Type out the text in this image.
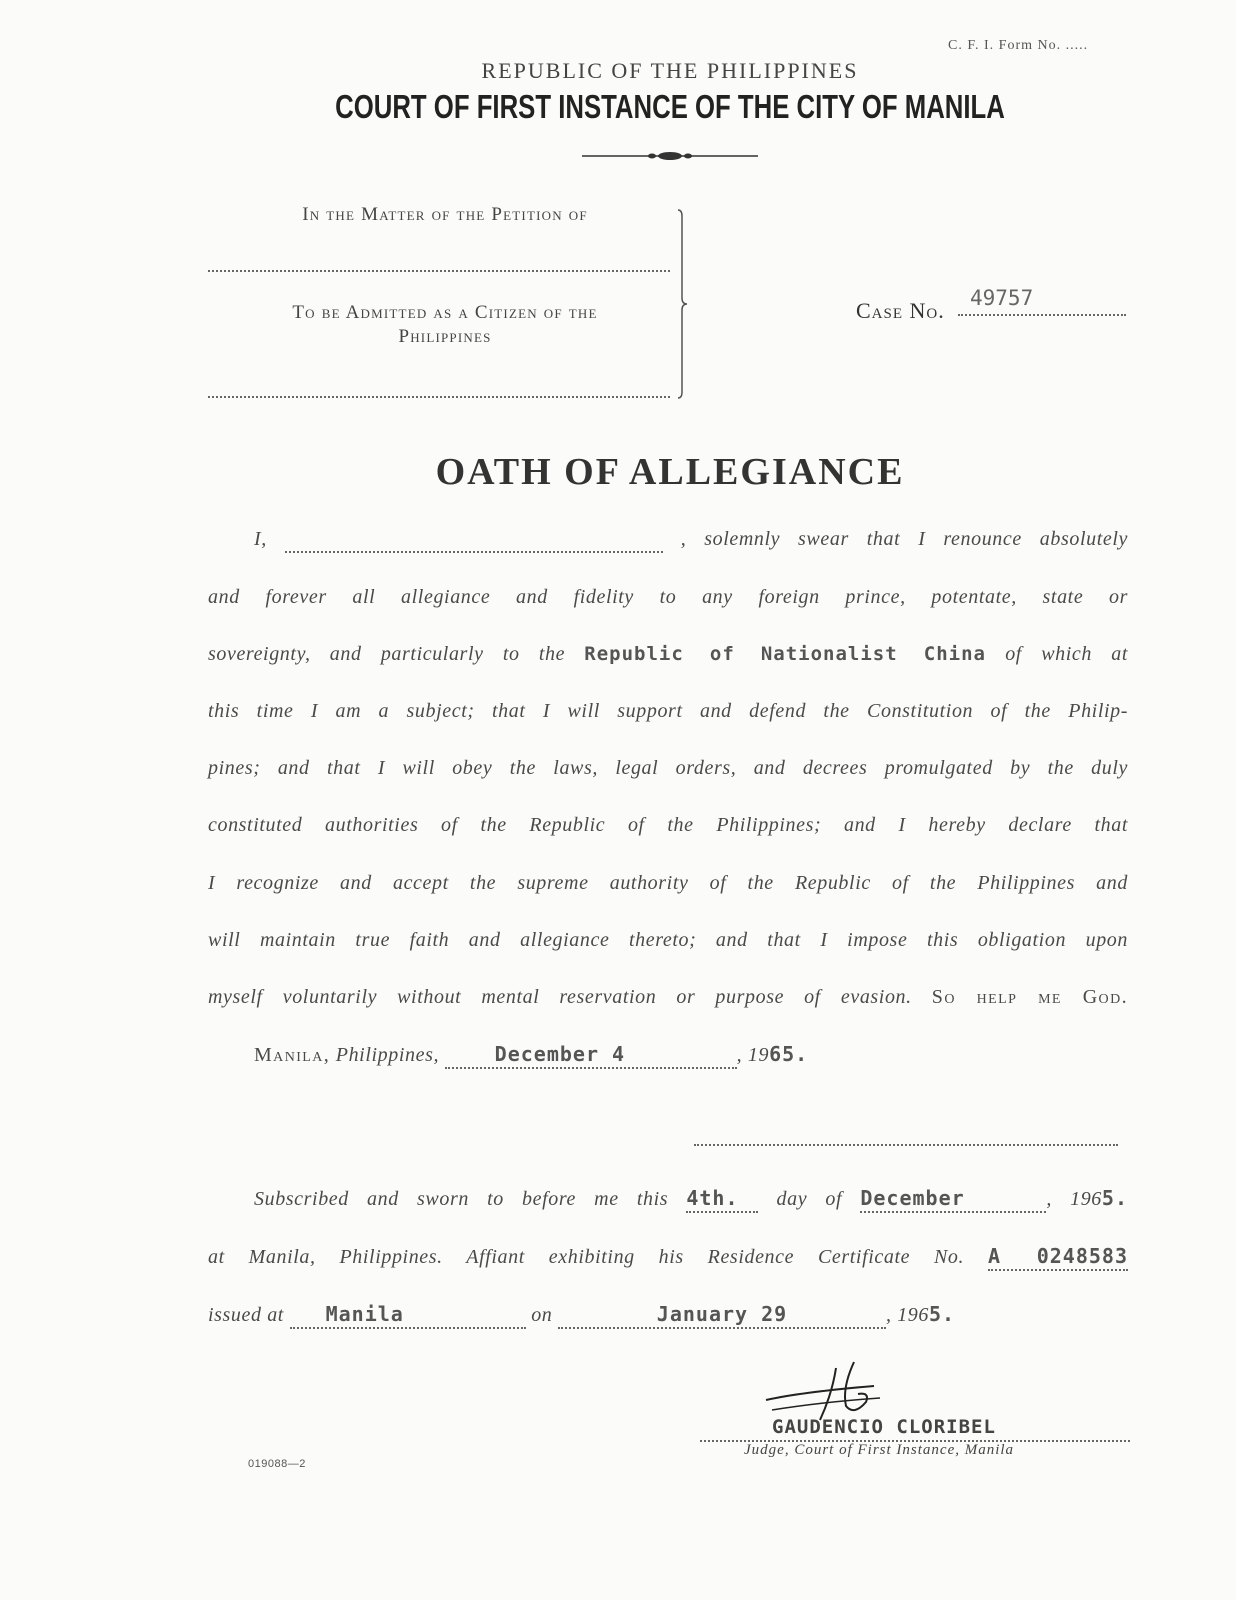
C. F. I. Form No. .....
REPUBLIC OF THE PHILIPPINES
COURT OF FIRST INSTANCE OF THE CITY OF MANILA
In the Matter of the Petition of
To be Admitted as a Citizen of the
Philippines
Case No.	49757
OATH OF ALLEGIANCE
I,	, solemnly swear that I renounce absolutely
and forever all allegiance and fidelity to any foreign prince, potentate, state or
sovereignty, and particularly to the Republic of Nationalist China of which at
this time I am a subject; that I will support and defend the Constitution of the Philip-
pines; and that I will obey the laws, legal orders, and decrees promulgated by the duly
constituted authorities of the Republic of the Philippines; and I hereby declare that
I recognize and accept the supreme authority of the Republic of the Philippines and
will maintain true faith and allegiance thereto; and that I impose this obligation upon
myself voluntarily without mental reservation or purpose of evasion. So help me God.
Manila, Philippines,	December 4	, 1965.
Subscribed and sworn to before me this 4th. day of December	, 1965.
at Manila, Philippines. Affiant exhibiting his Residence Certificate No. A 0248583
issued at Manila	on	January 29	, 1965.
GAUDENCIO CLORIBEL
Judge, Court of First Instance, Manila
019088—2
